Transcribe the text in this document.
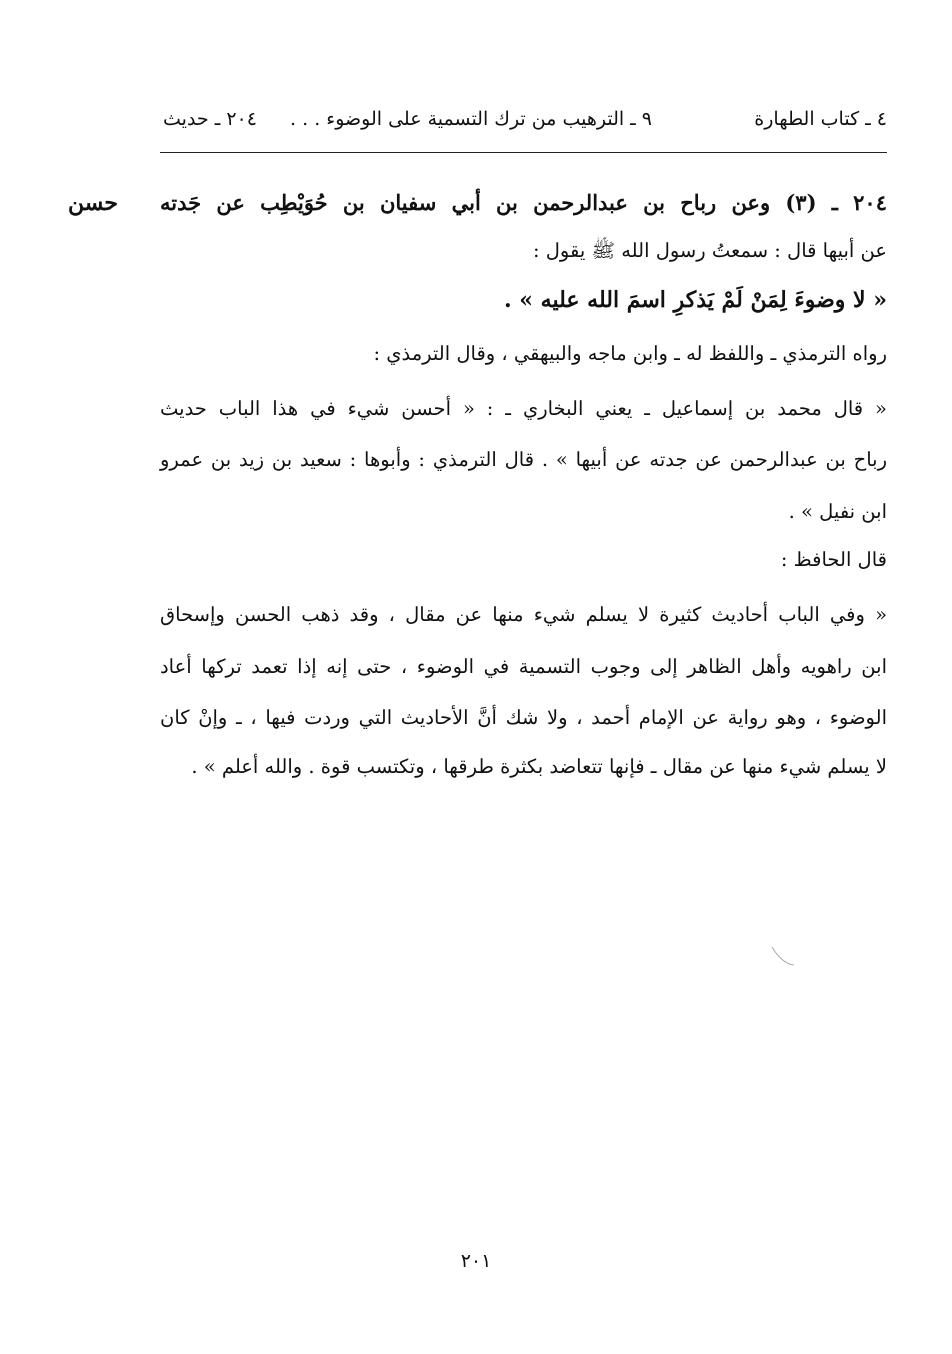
٤ ـ كتاب الطهارة
٩ ـ الترهيب من ترك التسمية على الوضوء . . .
٢٠٤ ـ حديث
حسن ٢٠٤ ـ (٣) وعن رباح بن عبدالرحمن بن أبي سفيان بن حُوَيْطِب عن جَدته
عن أبيها قال : سمعتُ رسول الله ﷺ يقول :
« لا وضوءَ لِمَنْ لَمْ يَذكرِ اسمَ الله عليه » .
رواه الترمذي ـ واللفظ له ـ وابن ماجه والبيهقي ، وقال الترمذي :
« قال محمد بن إسماعيل ـ يعني البخاري ـ : « أحسن شيء في هذا الباب حديث
رباح بن عبدالرحمن عن جدته عن أبيها » . قال الترمذي : وأبوها : سعيد بن زيد بن عمرو
ابن نفيل » .
قال الحافظ :
« وفي الباب أحاديث كثيرة لا يسلم شيء منها عن مقال ، وقد ذهب الحسن وإسحاق
ابن راهويه وأهل الظاهر إلى وجوب التسمية في الوضوء ، حتى إنه إذا تعمد تركها أعاد
الوضوء ، وهو رواية عن الإمام أحمد ، ولا شك أنَّ الأحاديث التي وردت فيها ، ـ وإنْ كان
لا يسلم شيء منها عن مقال ـ فإنها تتعاضد بكثرة طرقها ، وتكتسب قوة . والله أعلم » .
٢٠١
